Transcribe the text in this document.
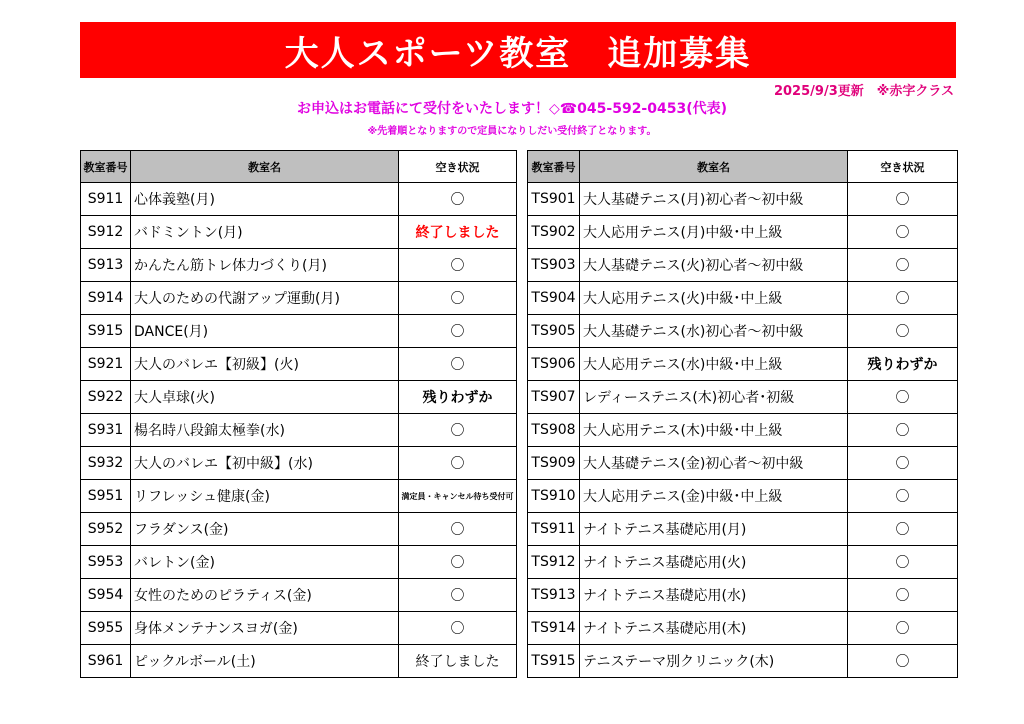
大人スポーツ教室　追加募集
2025/9/3更新　※赤字クラス
お申込はお電話にて受付をいたします！◇☎045-592-0453(代表)
※先着順となりますので定員になりしだい受付終了となります。
教室番号	教室名	空き状況
S911	心体義塾(月)	〇
S912	バドミントン(月)	終了しました
S913	かんたん筋トレ体力づくり(月)	〇
S914	大人のための代謝アップ運動(月)	〇
S915	DANCE(月)	〇
S921	大人のバレエ【初級】(火)	〇
S922	大人卓球(火)	残りわずか
S931	楊名時八段錦太極拳(水)	〇
S932	大人のバレエ【初中級】(水)	〇
S951	リフレッシュ健康(金)	満定員・キャンセル待ち受付可
S952	フラダンス(金)	〇
S953	バレトン(金)	〇
S954	女性のためのピラティス(金)	〇
S955	身体メンテナンスヨガ(金)	〇
S961	ピックルボール(土)	終了しました
教室番号	教室名	空き状況
TS901	大人基礎テニス(月)初心者～初中級	〇
TS902	大人応用テニス(月)中級･中上級	〇
TS903	大人基礎テニス(火)初心者～初中級	〇
TS904	大人応用テニス(火)中級･中上級	〇
TS905	大人基礎テニス(水)初心者～初中級	〇
TS906	大人応用テニス(水)中級･中上級	残りわずか
TS907	レディーステニス(木)初心者･初級	〇
TS908	大人応用テニス(木)中級･中上級	〇
TS909	大人基礎テニス(金)初心者～初中級	〇
TS910	大人応用テニス(金)中級･中上級	〇
TS911	ナイトテニス基礎応用(月)	〇
TS912	ナイトテニス基礎応用(火)	〇
TS913	ナイトテニス基礎応用(水)	〇
TS914	ナイトテニス基礎応用(木)	〇
TS915	テニステーマ別クリニック(木)	〇
